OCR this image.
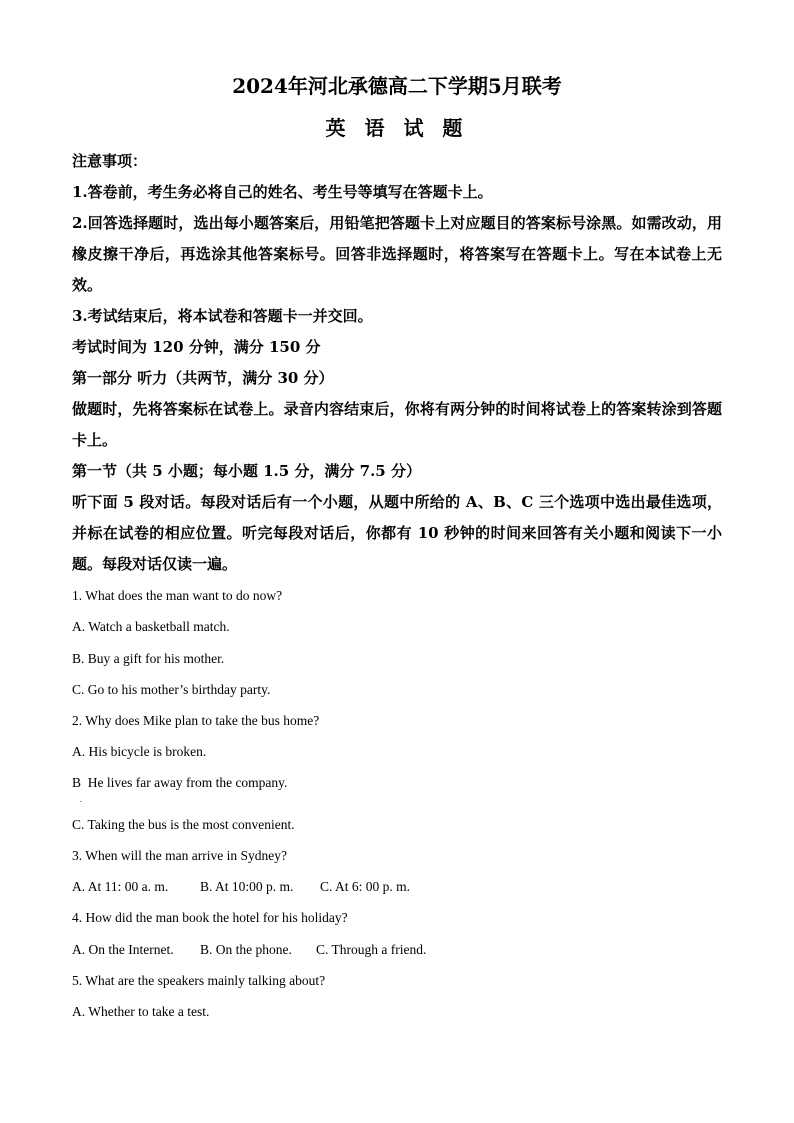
2024年河北承德高二下学期5月联考
英 语 试 题
注意事项：
1.答卷前，考生务必将自己的姓名、考生号等填写在答题卡上。
2.回答选择题时，选出每小题答案后，用铅笔把答题卡上对应题目的答案标号涂黑。如需改动，用橡皮擦干净后，再选涂其他答案标号。回答非选择题时，将答案写在答题卡上。写在本试卷上无效。
3.考试结束后，将本试卷和答题卡一并交回。
考试时间为 120 分钟，满分 150 分
第一部分 听力（共两节，满分 30 分）
做题时，先将答案标在试卷上。录音内容结束后，你将有两分钟的时间将试卷上的答案转涂到答题卡上。
第一节（共 5 小题；每小题 1.5 分，满分 7.5 分）
听下面 5 段对话。每段对话后有一个小题，从题中所给的 A、B、C 三个选项中选出最佳选项，并标在试卷的相应位置。听完每段对话后，你都有 10 秒钟的时间来回答有关小题和阅读下一小题。每段对话仅读一遍。
1. What does the man want to do now?
A. Watch a basketball match.
B. Buy a gift for his mother.
C. Go to his mother’s birthday party.
2. Why does Mike plan to take the bus home?
A. His bicycle is broken.
B  He lives far away from the company.
.
C. Taking the bus is the most convenient.
3. When will the man arrive in Sydney?
A. At 11: 00 a. m. B. At 10:00 p. m. C. At 6: 00 p. m.
4. How did the man book the hotel for his holiday?
A. On the Internet. B. On the phone. C. Through a friend.
5. What are the speakers mainly talking about?
A. Whether to take a test.
